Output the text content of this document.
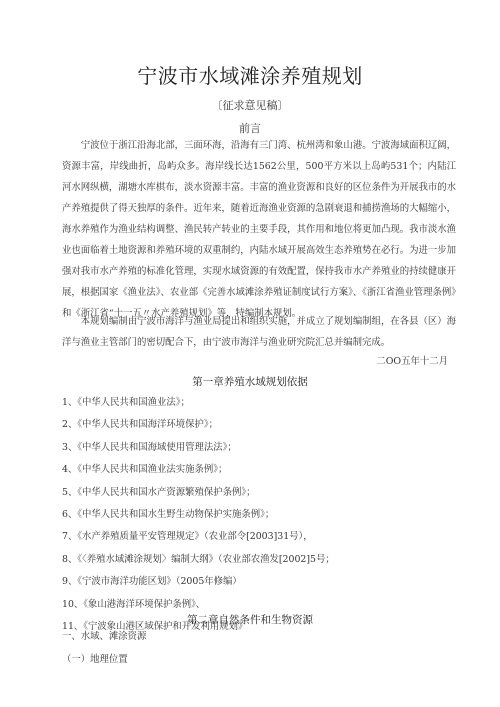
宁波市水域滩涂养殖规划
〔征求意见稿〕
前言
宁波位于浙江沿海北部，三面环海，沿海有三门湾、杭州湾和象山港。宁波海域面积辽阔，资源丰富，岸线曲折，岛屿众多。海岸线长达1562公里，500平方米以上岛屿531个；内陆江河水网纵横，湖塘水库棋布，淡水资源丰富。丰富的渔业资源和良好的区位条件为开展我市的水产养殖提供了得天独厚的条件。近年来，随着近海渔业资源的急剧衰退和捕捞渔场的大幅缩小，海水养殖作为渔业结构调整、渔民转产转业的主要手段，其作用和地位将更加凸现。我市淡水渔业也面临着土地资源和养殖环境的双重制约，内陆水域开展高效生态养殖势在必行。为进一步加强对我市水产养殖的标准化管理，实现水域资源的有效配置，保持我市水产养殖业的持续健康开展，根据国家《渔业法》、农业部《完善水域滩涂养殖证制度试行方案》、《浙江省渔业管理条例》和《浙江省“十一五〃水产养殖规划》等，特编制本规划。
本规划编制由宁波市海洋与渔业局提出和组织实施，并成立了规划编制组，在各县（区）海洋与渔业主管部门的密切配合下，由宁波市海洋与渔业研究院汇总并编制完成。
二OO五年十二月
第一章养殖水域规划依据
1、《中华人民共和国渔业法》；
2、《中华人民共和国海洋环境保护》；
3、《中华人民共和国海域使用管理法法》；
4、《中华人民共和国渔业法实施条例》；
5、《中华人民共和国水产资源繁殖保护条例》；
6、《中华人民共和国水生野生动物保护实施条例》；
7、《水产养殖质量平安管理规定》（农业部令[2003]31号），
8、《〈养殖水域滩涂规划〉编制大纲》（农业部农渔发[2002]5号；
9、《宁波市海洋功能区划》（2005年修编）
10、《象山港海洋环境保护条例》、
11、《宁波象山港区域保护和开发利用规划》
第二章自然条件和生物资源
一、水域、滩涂资源
（一）地理位置
